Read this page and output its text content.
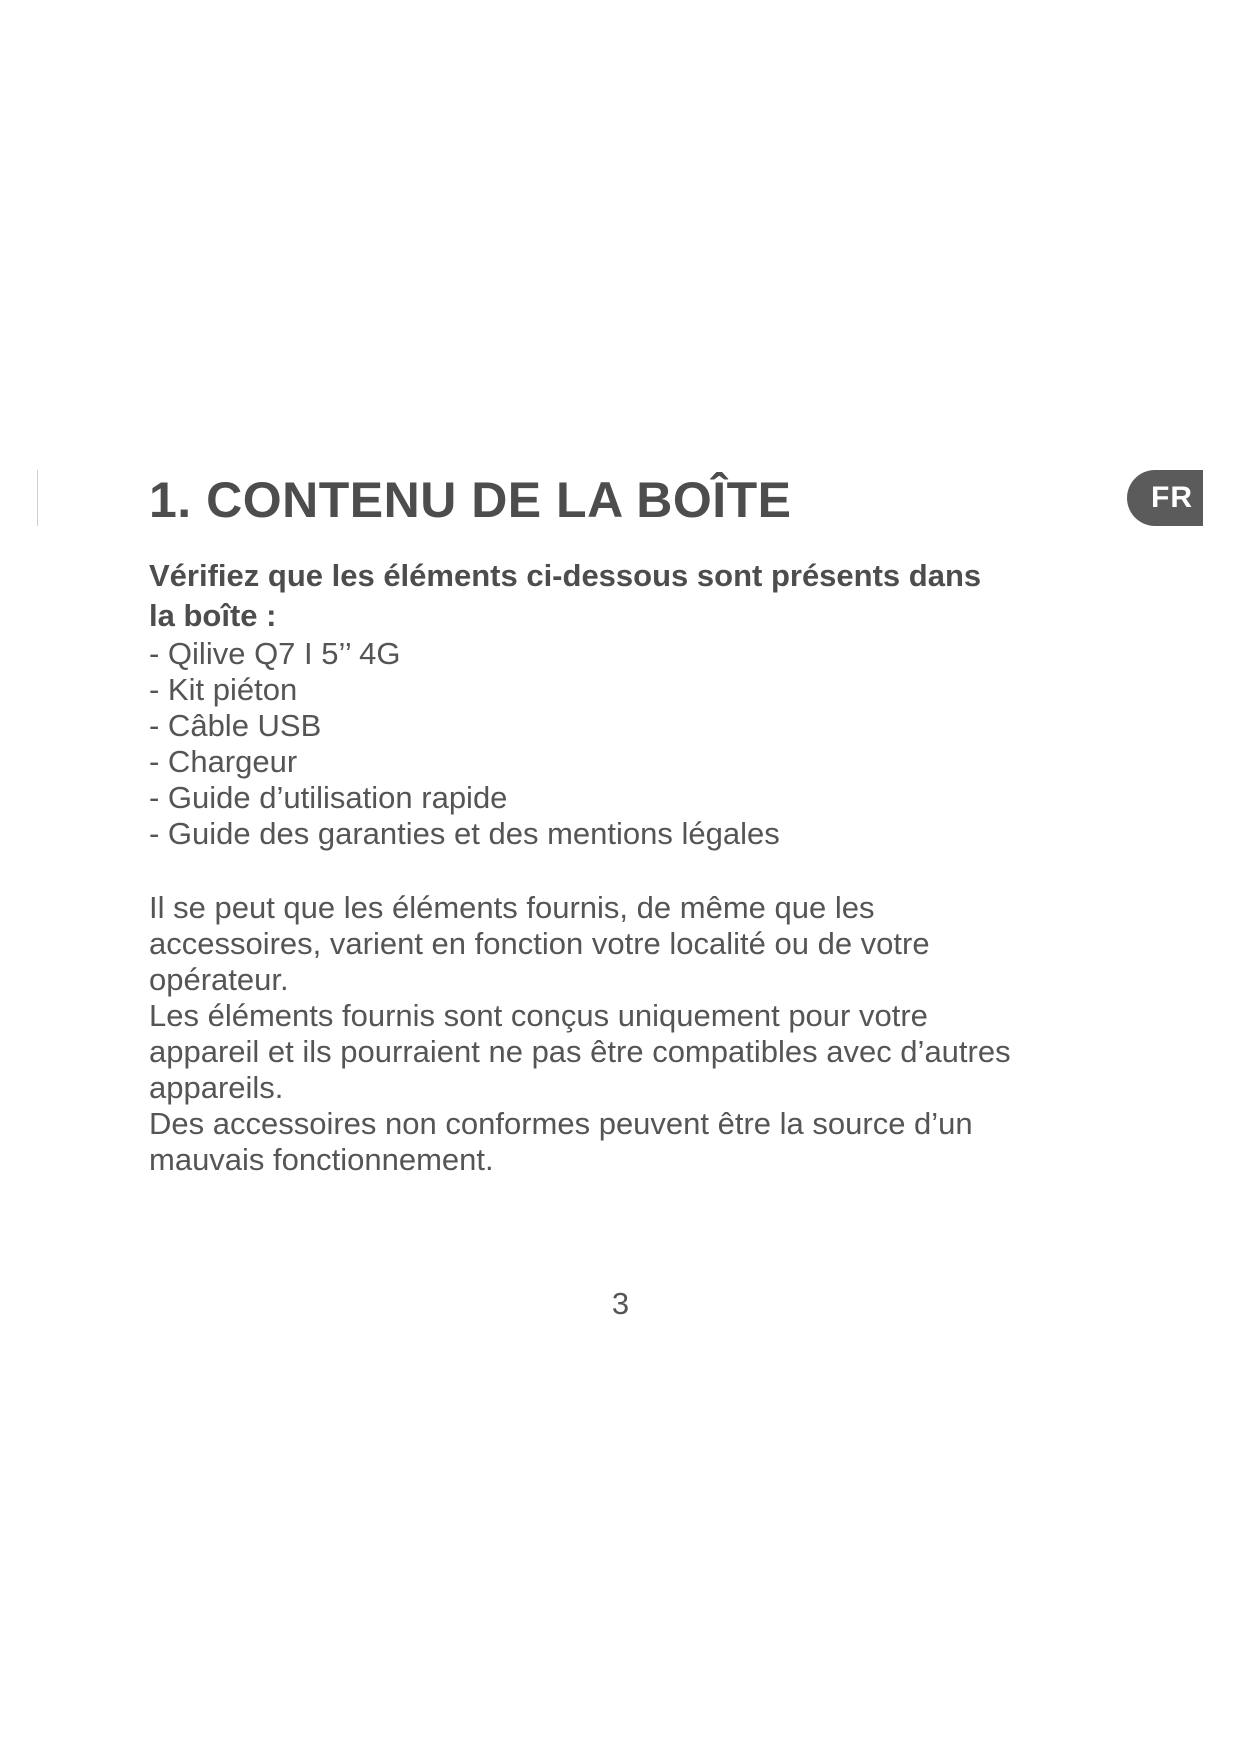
FR
1. CONTENU DE LA BOÎTE

Vérifiez que les éléments ci-dessous sont présents dans

la boîte :

- Qilive Q7 I 5’’ 4G
- Kit piéton
- Câble USB
- Chargeur
- Guide d’utilisation rapide
- Guide des garanties et des mentions légales

Il se peut que les éléments fournis, de même que les

accessoires, varient en fonction votre localité ou de votre

opérateur.

Les éléments fournis sont conçus uniquement pour votre

appareil et ils pourraient ne pas être compatibles avec d’autres

appareils.

Des accessoires non conformes peuvent être la source d’un

mauvais fonctionnement.

3
